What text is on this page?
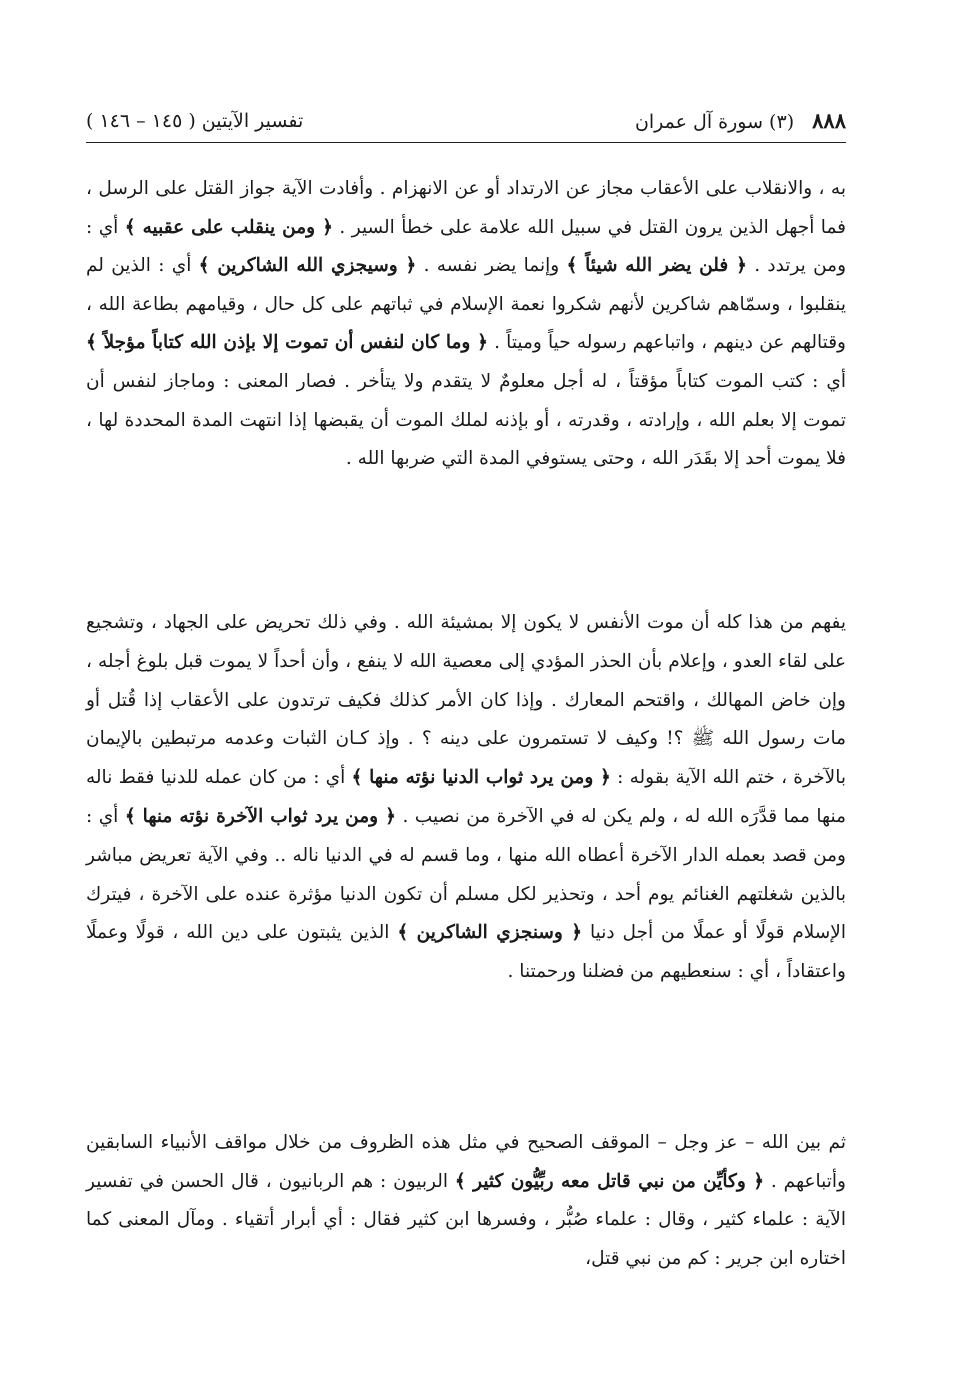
٨٨٨ (٣) سورة آل عمران
تفسير الآيتين ( ١٤٥ – ١٤٦ )

به ، والانقلاب على الأعقاب مجاز عن الارتداد أو عن الانهزام . وأفادت الآية جواز القتل على الرسل ، فما أجهل الذين يرون القتل في سبيل الله علامة على خطأ السير . ﴿ ومن ينقلب على عقبيه ﴾ أي : ومن يرتدد . ﴿ فلن يضر الله شيئاً ﴾ وإنما يضر نفسه . ﴿ وسيجزي الله الشاكرين ﴾ أي : الذين لم ينقلبوا ، وسمّاهم شاكرين لأنهم شكروا نعمة الإسلام في ثباتهم على كل حال ، وقيامهم بطاعة الله ، وقتالهم عن دينهم ، واتباعهم رسوله حياً وميتاً . ﴿ وما كان لنفس أن تموت إلا بإذن الله كتاباً مؤجلاً ﴾ أي : كتب الموت كتاباً مؤقتاً ، له أجل معلومٌ لا يتقدم ولا يتأخر . فصار المعنى : وماجاز لنفس أن تموت إلا بعلم الله ، وإرادته ، وقدرته ، أو بإذنه لملك الموت أن يقبضها إذا انتهت المدة المحددة لها ، فلا يموت أحد إلا بقَدَر الله ، وحتى يستوفي المدة التي ضربها الله .

يفهم من هذا كله أن موت الأنفس لا يكون إلا بمشيئة الله . وفي ذلك تحريض على الجهاد ، وتشجيع على لقاء العدو ، وإعلام بأن الحذر المؤدي إلى معصية الله لا ينفع ، وأن أحداً لا يموت قبل بلوغ أجله ، وإن خاض المهالك ، واقتحم المعارك . وإذا كان الأمر كذلك فكيف ترتدون على الأعقاب إذا قُتل أو مات رسول الله ﷺ ؟! وكيف لا تستمرون على دينه ؟ . وإذ كـان الثبات وعدمه مرتبطين بالإيمان بالآخرة ، ختم الله الآية بقوله : ﴿ ومن يرد ثواب الدنيا نؤته منها ﴾ أي : من كان عمله للدنيا فقط ناله منها مما قدَّرَه الله له ، ولم يكن له في الآخرة من نصيب . ﴿ ومن يرد ثواب الآخرة نؤته منها ﴾ أي : ومن قصد بعمله الدار الآخرة أعطاه الله منها ، وما قسم له في الدنيا ناله .. وفي الآية تعريض مباشر بالذين شغلتهم الغنائم يوم أحد ، وتحذير لكل مسلم أن تكون الدنيا مؤثرة عنده على الآخرة ، فيترك الإسلام قولًا أو عملًا من أجل دنيا ﴿ وسنجزي الشاكرين ﴾ الذين يثبتون على دين الله ، قولًا وعملًا واعتقاداً ، أي : سنعطيهم من فضلنا ورحمتنا .

ثم بين الله – عز وجل – الموقف الصحيح في مثل هذه الظروف من خلال مواقف الأنبياء السابقين وأتباعهم . ﴿ وكأيِّن من نبي قاتل معه ربِّيُّون كثير ﴾ الربيون : هم الربانيون ، قال الحسن في تفسير الآية : علماء كثير ، وقال : علماء صُبُّر ، وفسرها ابن كثير فقال : أي أبرار أتقياء . ومآل المعنى كما اختاره ابن جرير : كم من نبي قتل،
